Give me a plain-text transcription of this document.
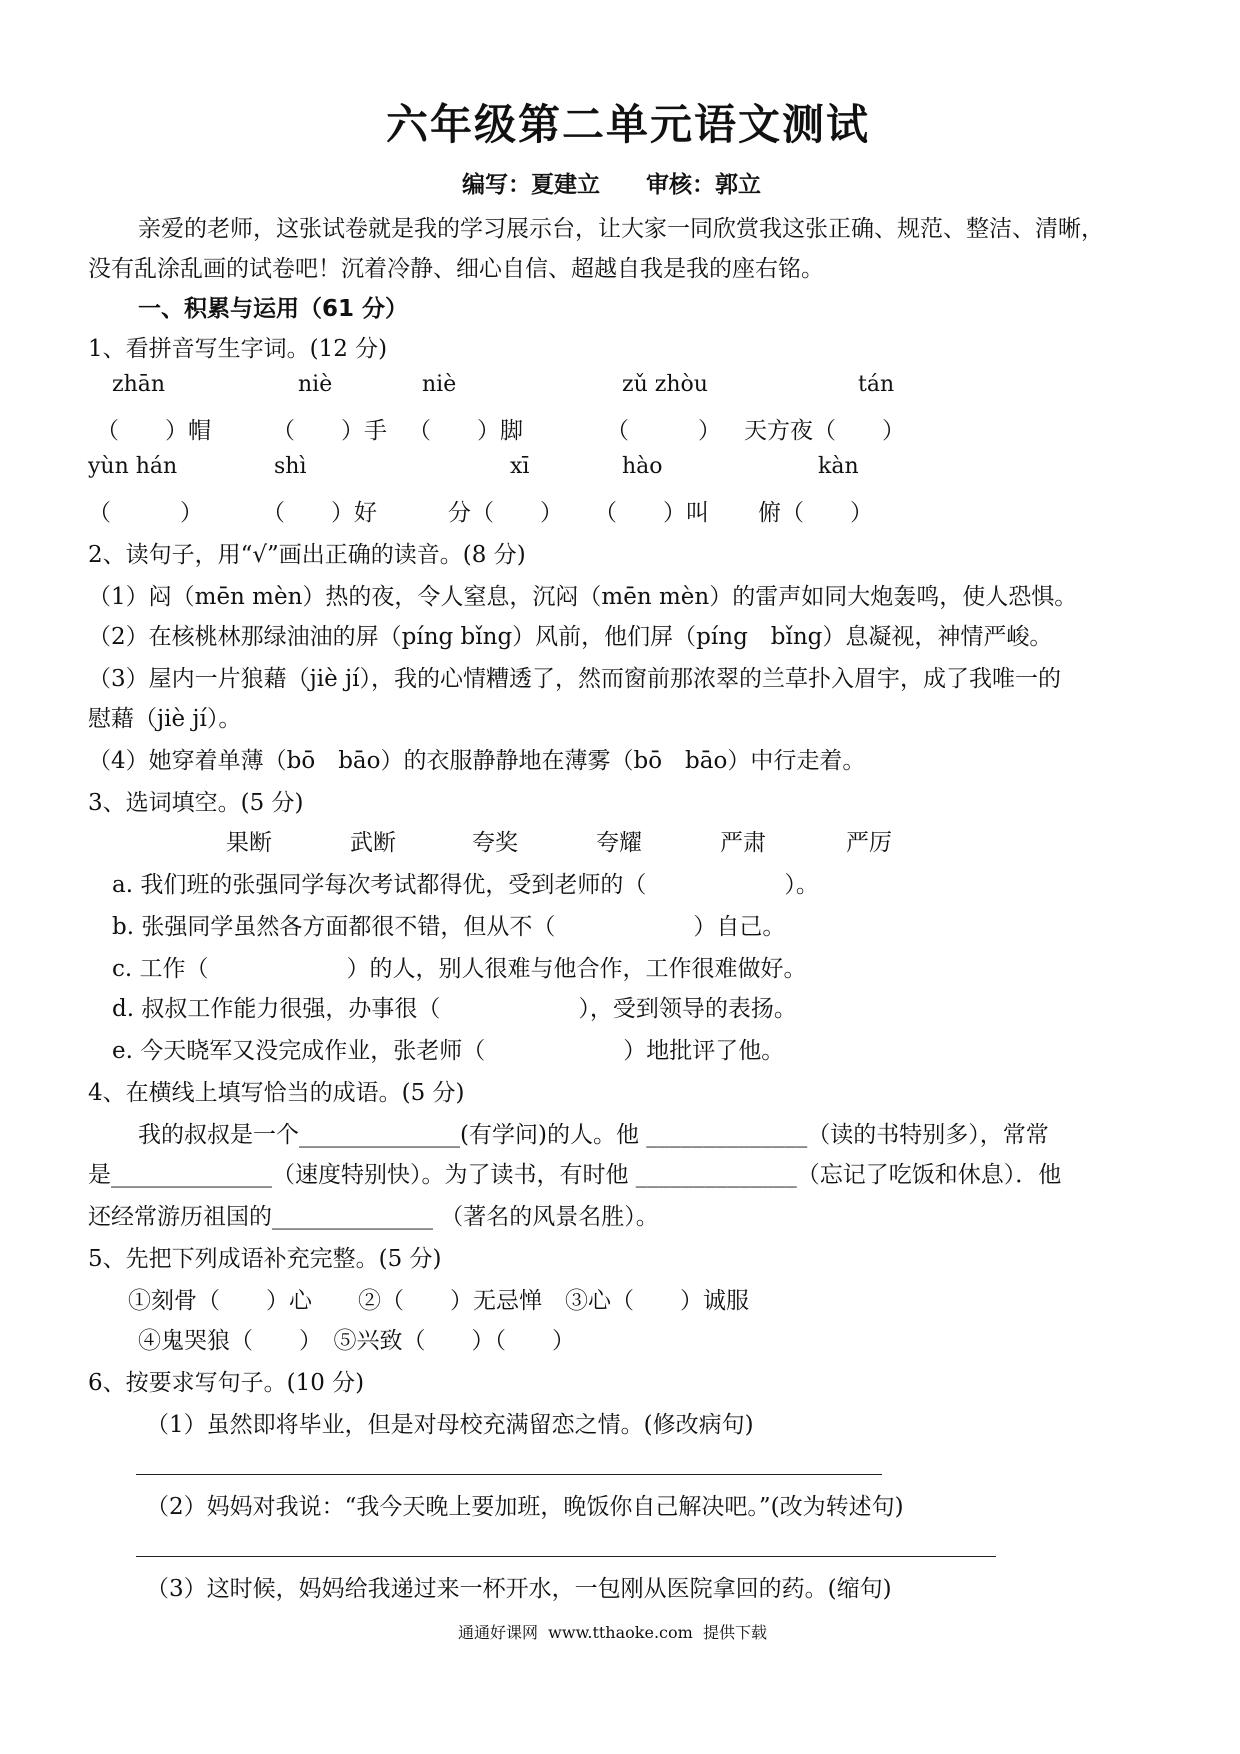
六年级第二单元语文测试
编写：夏建立　　审核：郭立
亲爱的老师，这张试卷就是我的学习展示台，让大家一同欣赏我这张正确、规范、整洁、清晰，
没有乱涂乱画的试卷吧！沉着冷静、细心自信、超越自我是我的座右铭。
一、积累与运用（61 分）
1、看拼音写生字词。(12 分)
zhān	niè	niè	zǔ zhòu	tán
（　　）帽	（　　）手 （　　）脚	（　　　） 天方夜（　　）
yùn hán	shì	xī	hào	kàn
（　　　）	（　　）好	分（　　） （　　）叫 俯（　　）
2、读句子，用“√”画出正确的读音。(8 分)
（1）闷（mēn mèn）热的夜，令人窒息，沉闷（mēn mèn）的雷声如同大炮轰鸣，使人恐惧。
（2）在核桃林那绿油油的屏（píng bǐng）风前，他们屏（píng　bǐng）息凝视，神情严峻。
（3）屋内一片狼藉（jiè jí），我的心情糟透了，然而窗前那浓翠的兰草扑入眉宇，成了我唯一的
慰藉（jiè jí）。
（4）她穿着单薄（bō　bāo）的衣服静静地在薄雾（bō　bāo）中行走着。
3、选词填空。(5 分)
果断	武断	夸奖	夸耀	严肃	严厉
a. 我们班的张强同学每次考试都得优，受到老师的（　　　　　　）。
b. 张强同学虽然各方面都很不错，但从不（　　　　　　）自己。
c. 工作（　　　　　　）的人，别人很难与他合作，工作很难做好。
d. 叔叔工作能力很强，办事很（　　　　　　），受到领导的表扬。
e. 今天晓军又没完成作业，张老师（　　　　　　）地批评了他。
4、在横线上填写恰当的成语。(5 分)
我的叔叔是一个______________(有学问)的人。他 ______________（读的书特别多），常常
是______________（速度特别快）。为了读书，有时他 ______________（忘记了吃饭和休息）．他
还经常游历祖国的______________ （著名的风景名胜）。
5、先把下列成语补充完整。(5 分)
①刻骨（　　）心　　②（　　）无忌惮　③心（　　）诚服
④鬼哭狼（　　）　⑤兴致（　　）（　　）
6、按要求写句子。(10 分)
（1）虽然即将毕业，但是对母校充满留恋之情。(修改病句)
（2）妈妈对我说：“我今天晚上要加班，晚饭你自己解决吧。”(改为转述句)
（3）这时候，妈妈给我递过来一杯开水，一包刚从医院拿回的药。(缩句)
通通好课网  www.tthaoke.com  提供下载
